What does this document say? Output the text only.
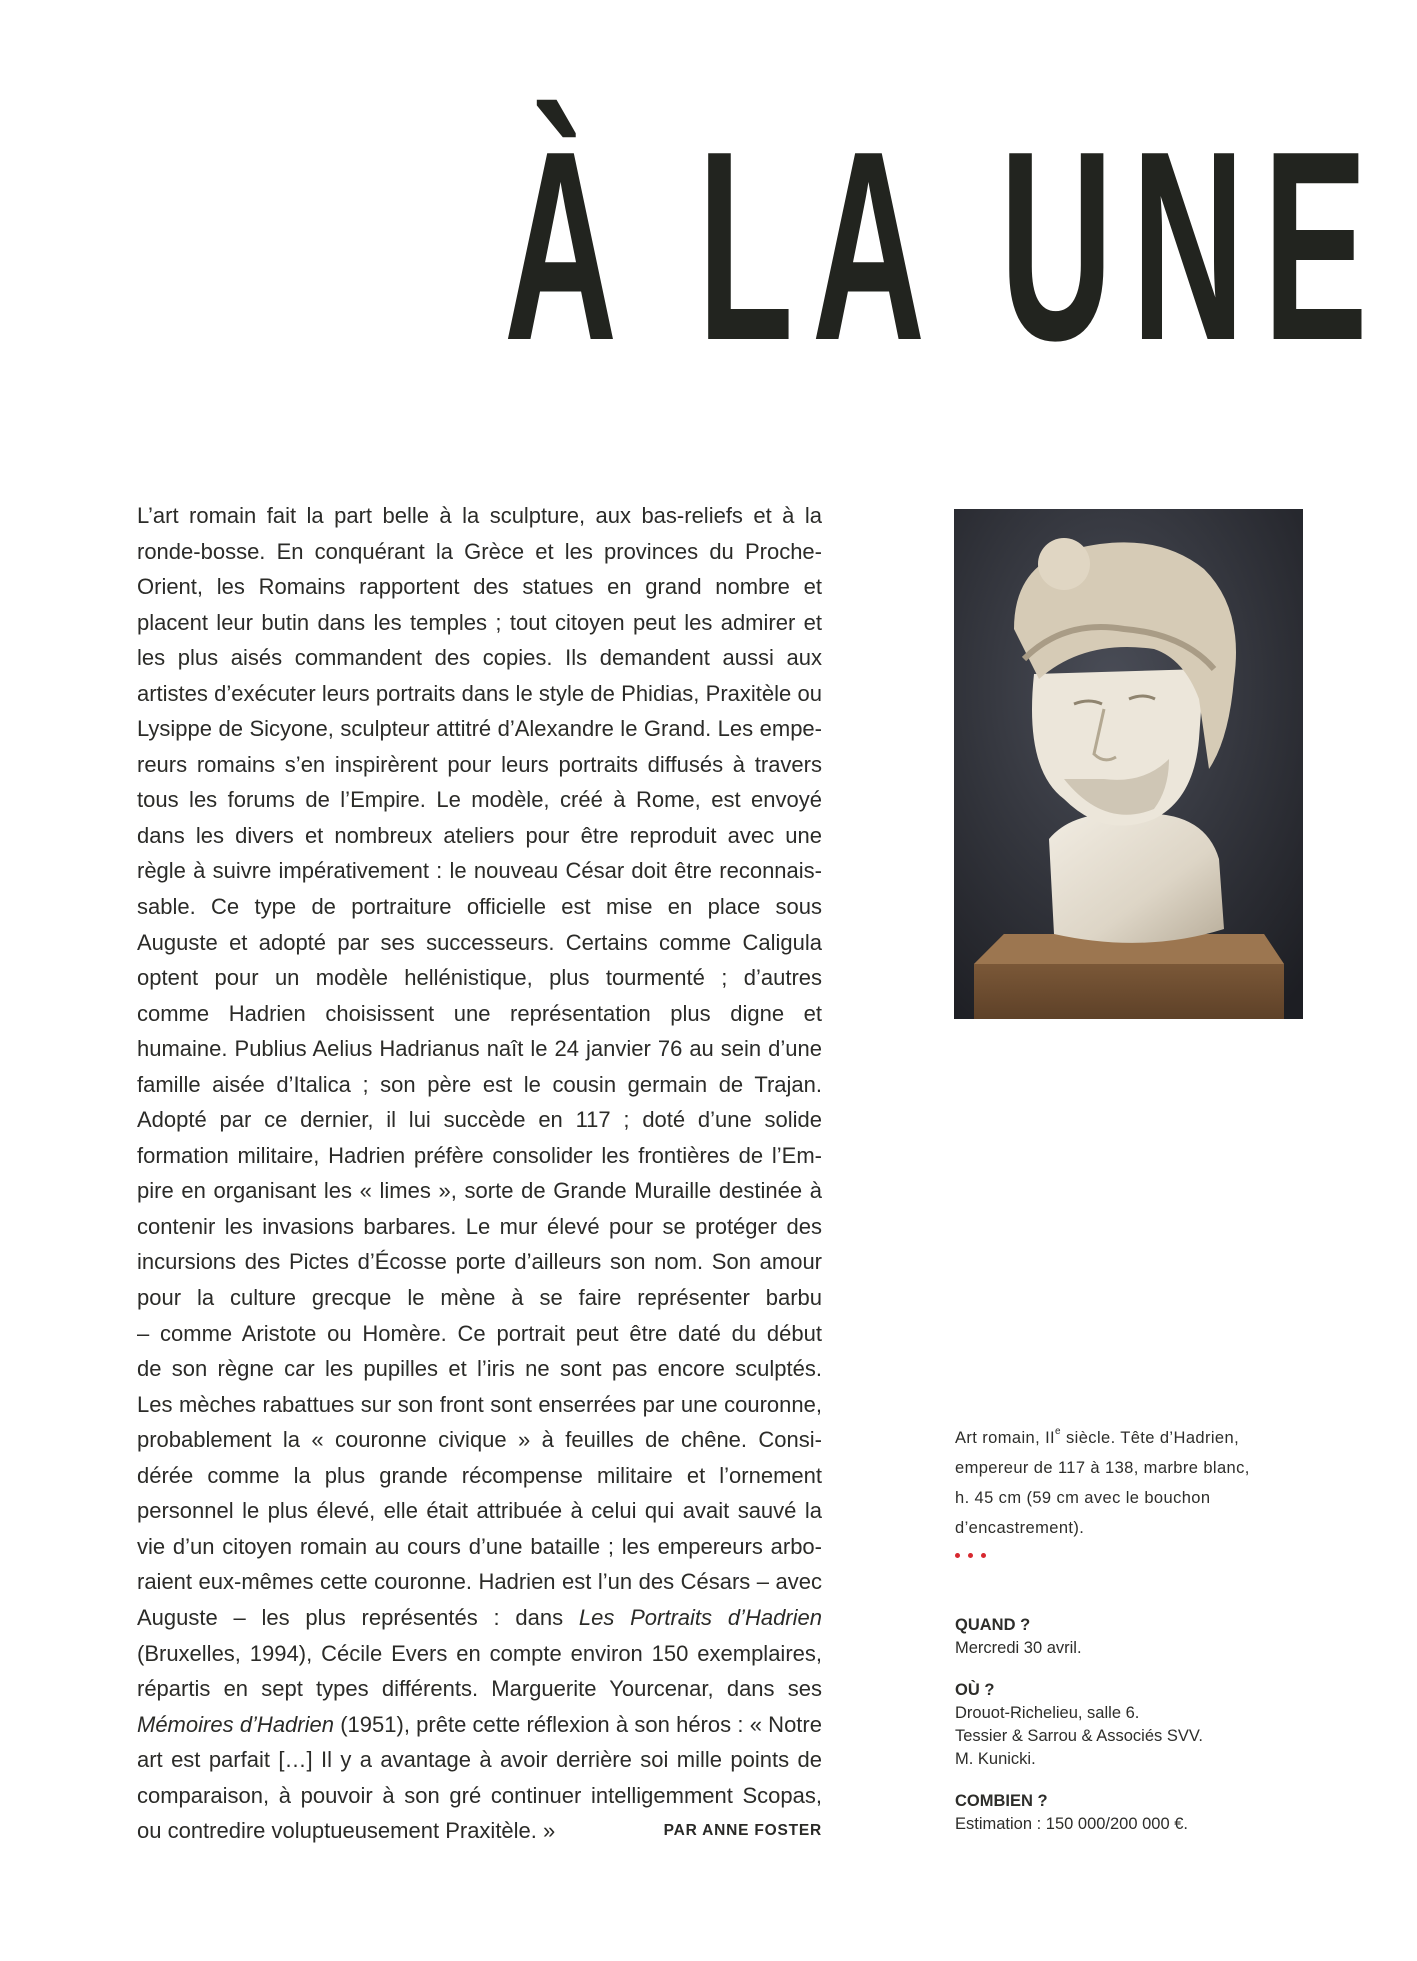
À LA UNE
L’art romain fait la part belle à la sculpture, aux bas-reliefs et à la
ronde-bosse. En conquérant la Grèce et les provinces du Proche-
Orient, les Romains rapportent des statues en grand nombre et
placent leur butin dans les temples ; tout citoyen peut les admirer et
les plus aisés commandent des copies. Ils demandent aussi aux
artistes d’exécuter leurs portraits dans le style de Phidias, Praxitèle ou
Lysippe de Sicyone, sculpteur attitré d’Alexandre le Grand. Les empe-
reurs romains s’en inspirèrent pour leurs portraits diffusés à travers
tous les forums de l’Empire. Le modèle, créé à Rome, est envoyé
dans les divers et nombreux ateliers pour être reproduit avec une
règle à suivre impérativement : le nouveau César doit être reconnais-
sable. Ce type de portraiture officielle est mise en place sous
Auguste et adopté par ses successeurs. Certains comme Caligula
optent pour un modèle hellénistique, plus tourmenté ; d’autres
comme Hadrien choisissent une représentation plus digne et
humaine. Publius Aelius Hadrianus naît le 24 janvier 76 au sein d’une
famille aisée d’Italica ; son père est le cousin germain de Trajan.
Adopté par ce dernier, il lui succède en 117 ; doté d’une solide
formation militaire, Hadrien préfère consolider les frontières de l’Em-
pire en organisant les « limes », sorte de Grande Muraille destinée à
contenir les invasions barbares. Le mur élevé pour se protéger des
incursions des Pictes d’Écosse porte d’ailleurs son nom. Son amour
pour la culture grecque le mène à se faire représenter barbu
– comme Aristote ou Homère. Ce portrait peut être daté du début
de son règne car les pupilles et l’iris ne sont pas encore sculptés.
Les mèches rabattues sur son front sont enserrées par une couronne,
probablement la « couronne civique » à feuilles de chêne. Consi-
dérée comme la plus grande récompense militaire et l’ornement
personnel le plus élevé, elle était attribuée à celui qui avait sauvé la
vie d’un citoyen romain au cours d’une bataille ; les empereurs arbo-
raient eux-mêmes cette couronne. Hadrien est l’un des Césars – avec
Auguste – les plus représentés : dans Les Portraits d’Hadrien
(Bruxelles, 1994), Cécile Evers en compte environ 150 exemplaires,
répartis en sept types différents. Marguerite Yourcenar, dans ses
Mémoires d’Hadrien (1951), prête cette réflexion à son héros : « Notre
art est parfait […] Il y a avantage à avoir derrière soi mille points de
comparaison, à pouvoir à son gré continuer intelligemment Scopas,
ou contredire voluptueusement Praxitèle. »	PAR ANNE FOSTER
Art romain, IIe siècle. Tête d’Hadrien,
empereur de 117 à 138, marbre blanc,
h. 45 cm (59 cm avec le bouchon
d’encastrement).
QUAND ?
Mercredi 30 avril.
OÙ ?
Drouot-Richelieu, salle 6.
Tessier & Sarrou & Associés SVV.
M. Kunicki.
COMBIEN ?
Estimation : 150 000/200 000 €.
